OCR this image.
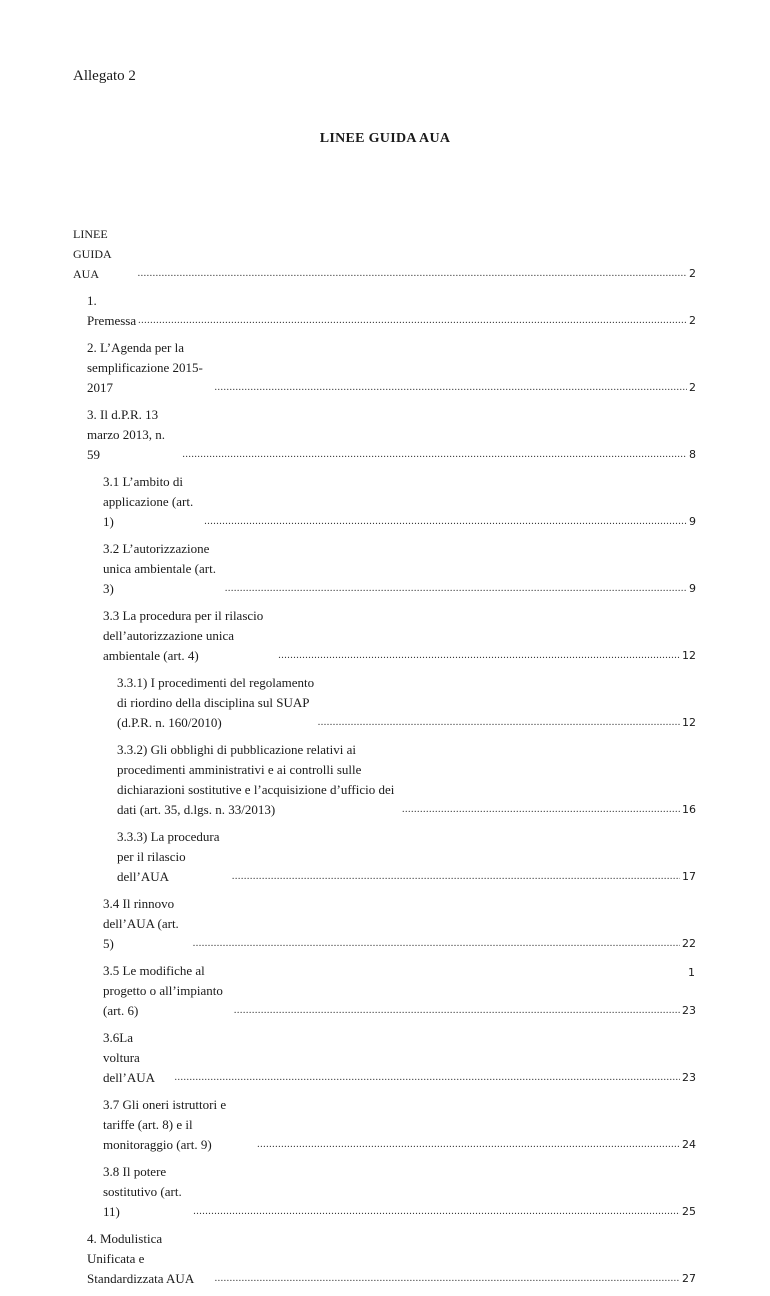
Allegato 2
LINEE GUIDA AUA
LINEE GUIDA AUA .....	2
1. Premessa .....	2
2. L’Agenda per la semplificazione 2015-2017 .....	2
3. Il d.P.R. 13 marzo 2013, n. 59 .....	8
3.1 L’ambito di applicazione (art. 1) .....	9
3.2 L’autorizzazione unica ambientale (art. 3) .....	9
3.3 La procedura per il rilascio dell’autorizzazione unica ambientale (art. 4) .....	12
3.3.1) I procedimenti del regolamento di riordino della disciplina sul SUAP (d.P.R. n. 160/2010) .....	12
3.3.2) Gli obblighi di pubblicazione relativi ai procedimenti amministrativi e ai controlli sulle dichiarazioni sostitutive e l’acquisizione d’ufficio dei dati (art. 35, d.lgs. n. 33/2013) .....	16
3.3.3) La procedura per il rilascio dell’AUA .....	17
3.4 Il rinnovo dell’AUA (art. 5) .....	22
3.5 Le modifiche al progetto o all’impianto (art. 6) .....	23
3.6La voltura dell’AUA .....	23
3.7 Gli oneri istruttori e tariffe (art. 8) e il monitoraggio (art. 9) .....	24
3.8 Il potere sostitutivo (art. 11) .....	25
4. Modulistica Unificata e Standardizzata AUA .....	27
1
